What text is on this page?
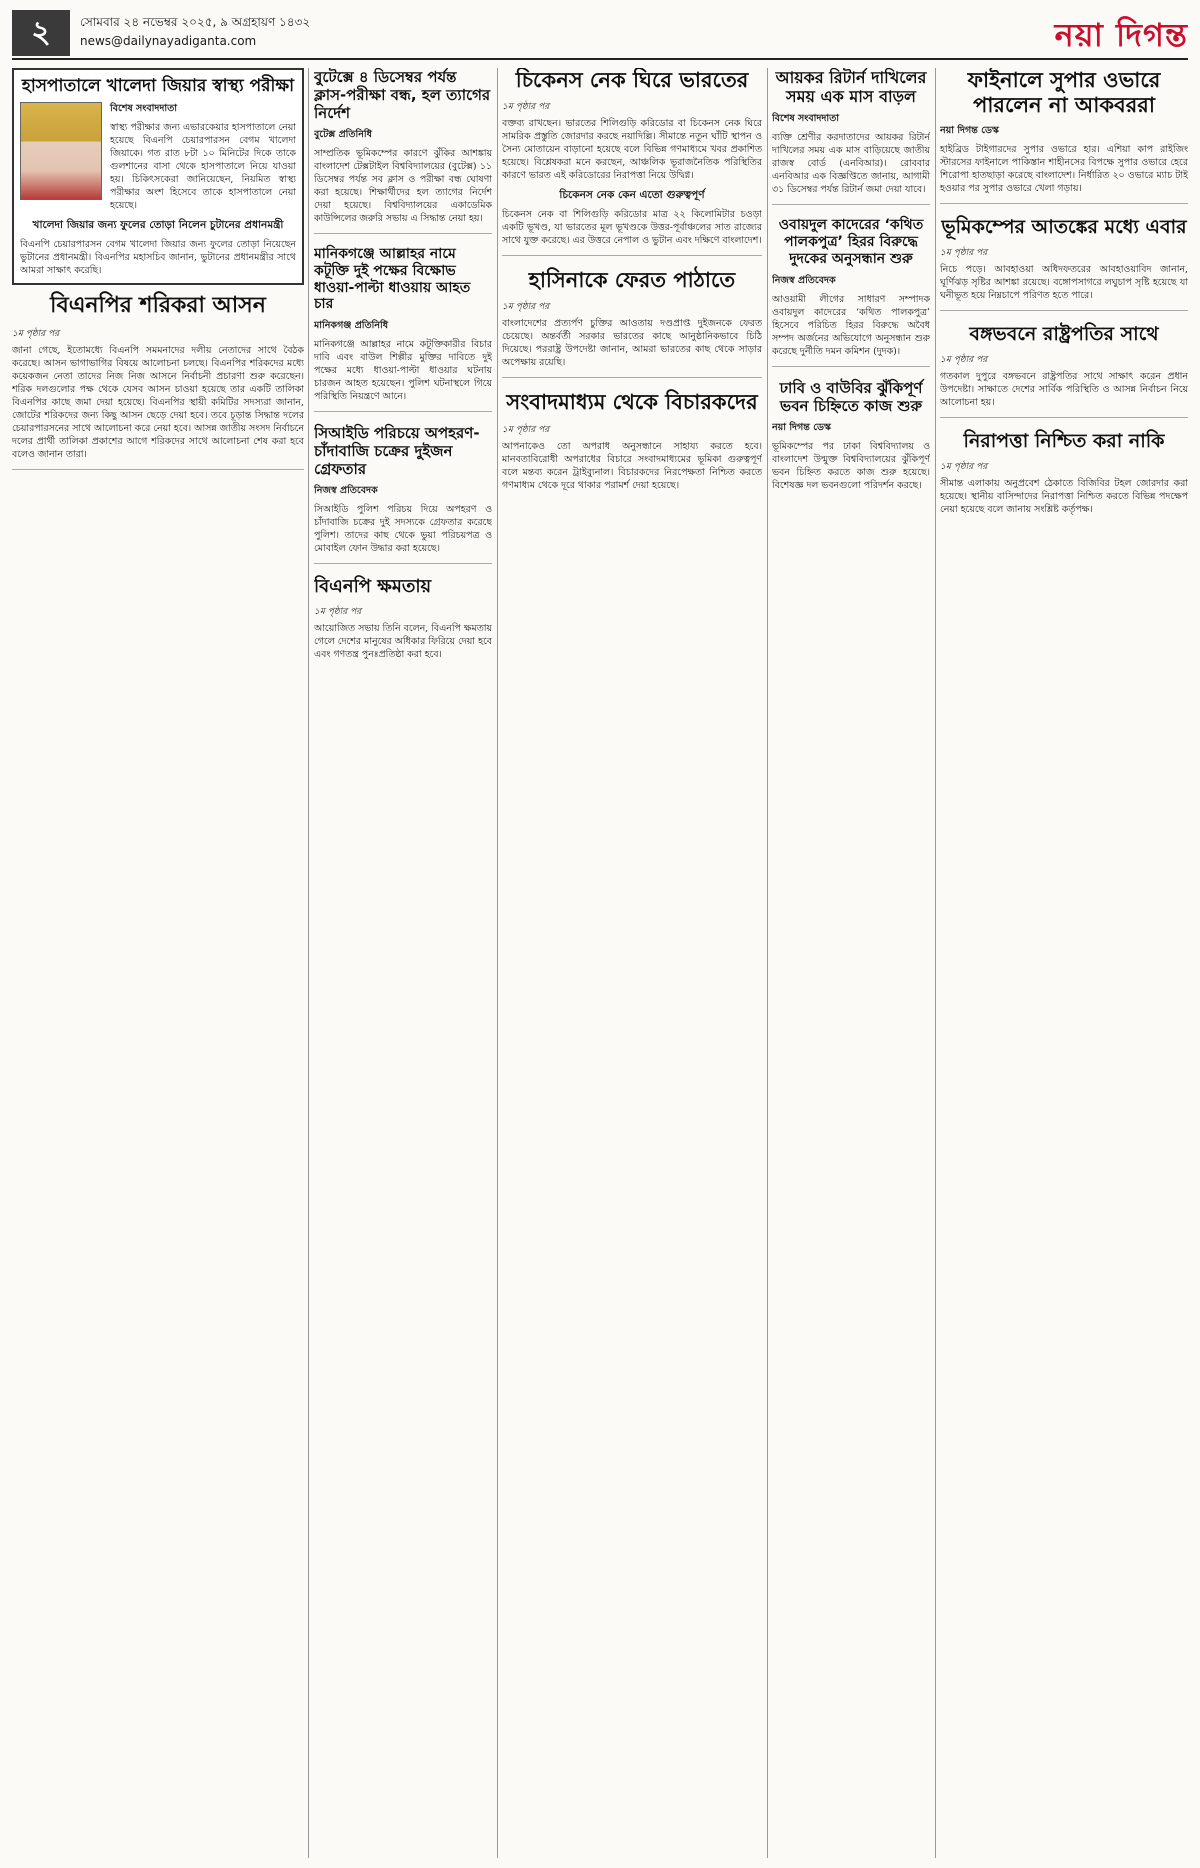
২	সোমবার ২৪ নভেম্বর ২০২৫, ৯ অগ্রহায়ণ ১৪৩২
news@dailynayadiganta.com	নয়া দিগন্ত
হাসপাতালে খালেদা জিয়ার স্বাস্থ্য পরীক্ষা
বিশেষ সংবাদদাতা

স্বাস্থ্য পরীক্ষার জন্য এভারকেয়ার হাসপাতালে নেয়া হয়েছে বিএনপি চেয়ারপারসন বেগম খালেদা জিয়াকে। গত রাত ৮টা ১০ মিনিটের দিকে তাকে গুলশানের বাসা থেকে হাসপাতালে নিয়ে যাওয়া হয়। চিকিৎসকেরা জানিয়েছেন, নিয়মিত স্বাস্থ্য পরীক্ষার অংশ হিসেবে তাকে হাসপাতালে নেয়া হয়েছে।

খালেদা জিয়ার জন্য ফুলের তোড়া নিলেন চুটানের প্রধানমন্ত্রী

বিএনপি চেয়ারপারসন বেগম খালেদা জিয়ার জন্য ফুলের তোড়া নিয়েছেন ভুটানের প্রধানমন্ত্রী। বিএনপির মহাসচিব জানান, ভুটানের প্রধানমন্ত্রীর সাথে আমরা সাক্ষাৎ করেছি।

বিএনপির শরিকরা আসন
১ম পৃষ্ঠার পর

জানা গেছে, ইতোমধ্যে বিএনপি সমমনাদের দলীয় নেতাদের সাথে বৈঠক করেছে। আসন ভাগাভাগির বিষয়ে আলোচনা চলছে। বিএনপির শরিকদের মধ্যে কয়েকজন নেতা তাদের নিজ নিজ আসনে নির্বাচনী প্রচারণা শুরু করেছেন। শরিক দলগুলোর পক্ষ থেকে যেসব আসন চাওয়া হয়েছে তার একটি তালিকা বিএনপির কাছে জমা দেয়া হয়েছে। বিএনপির স্থায়ী কমিটির সদস্যরা জানান, জোটের শরিকদের জন্য কিছু আসন ছেড়ে দেয়া হবে। তবে চূড়ান্ত সিদ্ধান্ত দলের চেয়ারপারসনের সাথে আলোচনা করে নেয়া হবে। আসন্ন জাতীয় সংসদ নির্বাচনে দলের প্রার্থী তালিকা প্রকাশের আগে শরিকদের সাথে আলোচনা শেষ করা হবে বলেও জানান তারা।

বুটেক্সে ৪ ডিসেম্বর পর্যন্ত ক্লাস-পরীক্ষা বন্ধ, হল ত্যাগের নির্দেশ
বুটেক্স প্রতিনিধি

সাম্প্রতিক ভূমিকম্পের কারণে ঝুঁকির আশঙ্কায় বাংলাদেশ টেক্সটাইল বিশ্ববিদ্যালয়ের (বুটেক্স) ১১ ডিসেম্বর পর্যন্ত সব ক্লাস ও পরীক্ষা বন্ধ ঘোষণা করা হয়েছে। শিক্ষার্থীদের হল ত্যাগের নির্দেশ দেয়া হয়েছে। বিশ্ববিদ্যালয়ের একাডেমিক কাউন্সিলের জরুরি সভায় এ সিদ্ধান্ত নেয়া হয়।

মানিকগঞ্জে আল্লাহর নামে কটূক্তি দুই পক্ষের বিক্ষোভ ধাওয়া-পাল্টা ধাওয়ায় আহত চার
মানিকগঞ্জ প্রতিনিধি

মানিকগঞ্জে আল্লাহর নামে কটূক্তিকারীর বিচার দাবি এবং বাউল শিল্পীর মুক্তির দাবিতে দুই পক্ষের মধ্যে ধাওয়া-পাল্টা ধাওয়ার ঘটনায় চারজন আহত হয়েছেন। পুলিশ ঘটনাস্থলে গিয়ে পরিস্থিতি নিয়ন্ত্রণে আনে।

সিআইডি পরিচয়ে অপহরণ-চাঁদাবাজি চক্রের দুইজন গ্রেফতার
নিজস্ব প্রতিবেদক

সিআইডি পুলিশ পরিচয় দিয়ে অপহরণ ও চাঁদাবাজি চক্রের দুই সদস্যকে গ্রেফতার করেছে পুলিশ। তাদের কাছ থেকে ভুয়া পরিচয়পত্র ও মোবাইল ফোন উদ্ধার করা হয়েছে।

বিএনপি ক্ষমতায়
১ম পৃষ্ঠার পর

আয়োজিত সভায় তিনি বলেন, বিএনপি ক্ষমতায় গেলে দেশের মানুষের অধিকার ফিরিয়ে দেয়া হবে এবং গণতন্ত্র পুনঃপ্রতিষ্ঠা করা হবে।

চিকেনস নেক ঘিরে ভারতের
১ম পৃষ্ঠার পর

বক্তব্য রাখছেন। ভারতের শিলিগুড়ি করিডোর বা চিকেনস নেক ঘিরে সামরিক প্রস্তুতি জোরদার করছে নয়াদিল্লি। সীমান্তে নতুন ঘাঁটি স্থাপন ও সৈন্য মোতায়েন বাড়ানো হয়েছে বলে বিভিন্ন গণমাধ্যমে খবর প্রকাশিত হয়েছে। বিশ্লেষকরা মনে করছেন, আঞ্চলিক ভূরাজনৈতিক পরিস্থিতির কারণে ভারত এই করিডোরের নিরাপত্তা নিয়ে উদ্বিগ্ন।

চিকেনস নেক কেন এতো গুরুত্বপূর্ণ

চিকেনস নেক বা শিলিগুড়ি করিডোর মাত্র ২২ কিলোমিটার চওড়া একটি ভূখণ্ড, যা ভারতের মূল ভূখণ্ডকে উত্তর-পূর্বাঞ্চলের সাত রাজ্যের সাথে যুক্ত করেছে। এর উত্তরে নেপাল ও ভুটান এবং দক্ষিণে বাংলাদেশ।

হাসিনাকে ফেরত পাঠাতে
১ম পৃষ্ঠার পর

বাংলাদেশের প্রত্যর্পণ চুক্তির আওতায় দণ্ডপ্রাপ্ত দুইজনকে ফেরত চেয়েছে। অন্তর্বর্তী সরকার ভারতের কাছে আনুষ্ঠানিকভাবে চিঠি দিয়েছে। পররাষ্ট্র উপদেষ্টা জানান, আমরা ভারতের কাছ থেকে সাড়ার অপেক্ষায় রয়েছি।

সংবাদমাধ্যম থেকে বিচারকদের
১ম পৃষ্ঠার পর

আপনাকেও তো অপরাধ অনুসন্ধানে সাহায্য করতে হবে। মানবতাবিরোধী অপরাধের বিচারে সংবাদমাধ্যমের ভূমিকা গুরুত্বপূর্ণ বলে মন্তব্য করেন ট্রাইব্যুনাল। বিচারকদের নিরপেক্ষতা নিশ্চিত করতে গণমাধ্যম থেকে দূরে থাকার পরামর্শ দেয়া হয়েছে।

আয়কর রিটার্ন দাখিলের সময় এক মাস বাড়ল
বিশেষ সংবাদদাতা

ব্যক্তি শ্রেণীর করদাতাদের আয়কর রিটার্ন দাখিলের সময় এক মাস বাড়িয়েছে জাতীয় রাজস্ব বোর্ড (এনবিআর)। রোববার এনবিআর এক বিজ্ঞপ্তিতে জানায়, আগামী ৩১ ডিসেম্বর পর্যন্ত রিটার্ন জমা দেয়া যাবে।

ওবায়দুল কাদেরের ‘কথিত পালকপুত্র’ হিরর বিরুদ্ধে দুদকের অনুসন্ধান শুরু
নিজস্ব প্রতিবেদক

আওয়ামী লীগের সাধারণ সম্পাদক ওবায়দুল কাদেরের ‘কথিত পালকপুত্র’ হিসেবে পরিচিত হিরর বিরুদ্ধে অবৈধ সম্পদ অর্জনের অভিযোগে অনুসন্ধান শুরু করেছে দুর্নীতি দমন কমিশন (দুদক)।

ঢাবি ও বাউবির ঝুঁকিপূর্ণ ভবন চিহ্নিতে কাজ শুরু
নয়া দিগন্ত ডেস্ক

ভূমিকম্পের পর ঢাকা বিশ্ববিদ্যালয় ও বাংলাদেশ উন্মুক্ত বিশ্ববিদ্যালয়ের ঝুঁকিপূর্ণ ভবন চিহ্নিত করতে কাজ শুরু হয়েছে। বিশেষজ্ঞ দল ভবনগুলো পরিদর্শন করছে।

ফাইনালে সুপার ওভারে পারলেন না আকবররা
নয়া দিগন্ত ডেস্ক

হাইব্রিড টাইগারদের সুপার ওভারে হার। এশিয়া কাপ রাইজিং স্টারসের ফাইনালে পাকিস্তান শাহীনসের বিপক্ষে সুপার ওভারে হেরে শিরোপা হাতছাড়া করেছে বাংলাদেশ। নির্ধারিত ২০ ওভারে ম্যাচ টাই হওয়ার পর সুপার ওভারে খেলা গড়ায়।

ভূমিকম্পের আতঙ্কের মধ্যে এবার
১ম পৃষ্ঠার পর

নিচে পড়ে। আবহাওয়া অধিদফতরের আবহাওয়াবিদ জানান, ঘূর্ণিঝড় সৃষ্টির আশঙ্কা রয়েছে। বঙ্গোপসাগরে লঘুচাপ সৃষ্টি হয়েছে যা ঘনীভূত হয়ে নিম্নচাপে পরিণত হতে পারে।

বঙ্গভবনে রাষ্ট্রপতির সাথে
১ম পৃষ্ঠার পর

গতকাল দুপুরে বঙ্গভবনে রাষ্ট্রপতির সাথে সাক্ষাৎ করেন প্রধান উপদেষ্টা। সাক্ষাতে দেশের সার্বিক পরিস্থিতি ও আসন্ন নির্বাচন নিয়ে আলোচনা হয়।

নিরাপত্তা নিশ্চিত করা নাকি
১ম পৃষ্ঠার পর

সীমান্ত এলাকায় অনুপ্রবেশ ঠেকাতে বিজিবির টহল জোরদার করা হয়েছে। স্থানীয় বাসিন্দাদের নিরাপত্তা নিশ্চিত করতে বিভিন্ন পদক্ষেপ নেয়া হয়েছে বলে জানায় সংশ্লিষ্ট কর্তৃপক্ষ।
